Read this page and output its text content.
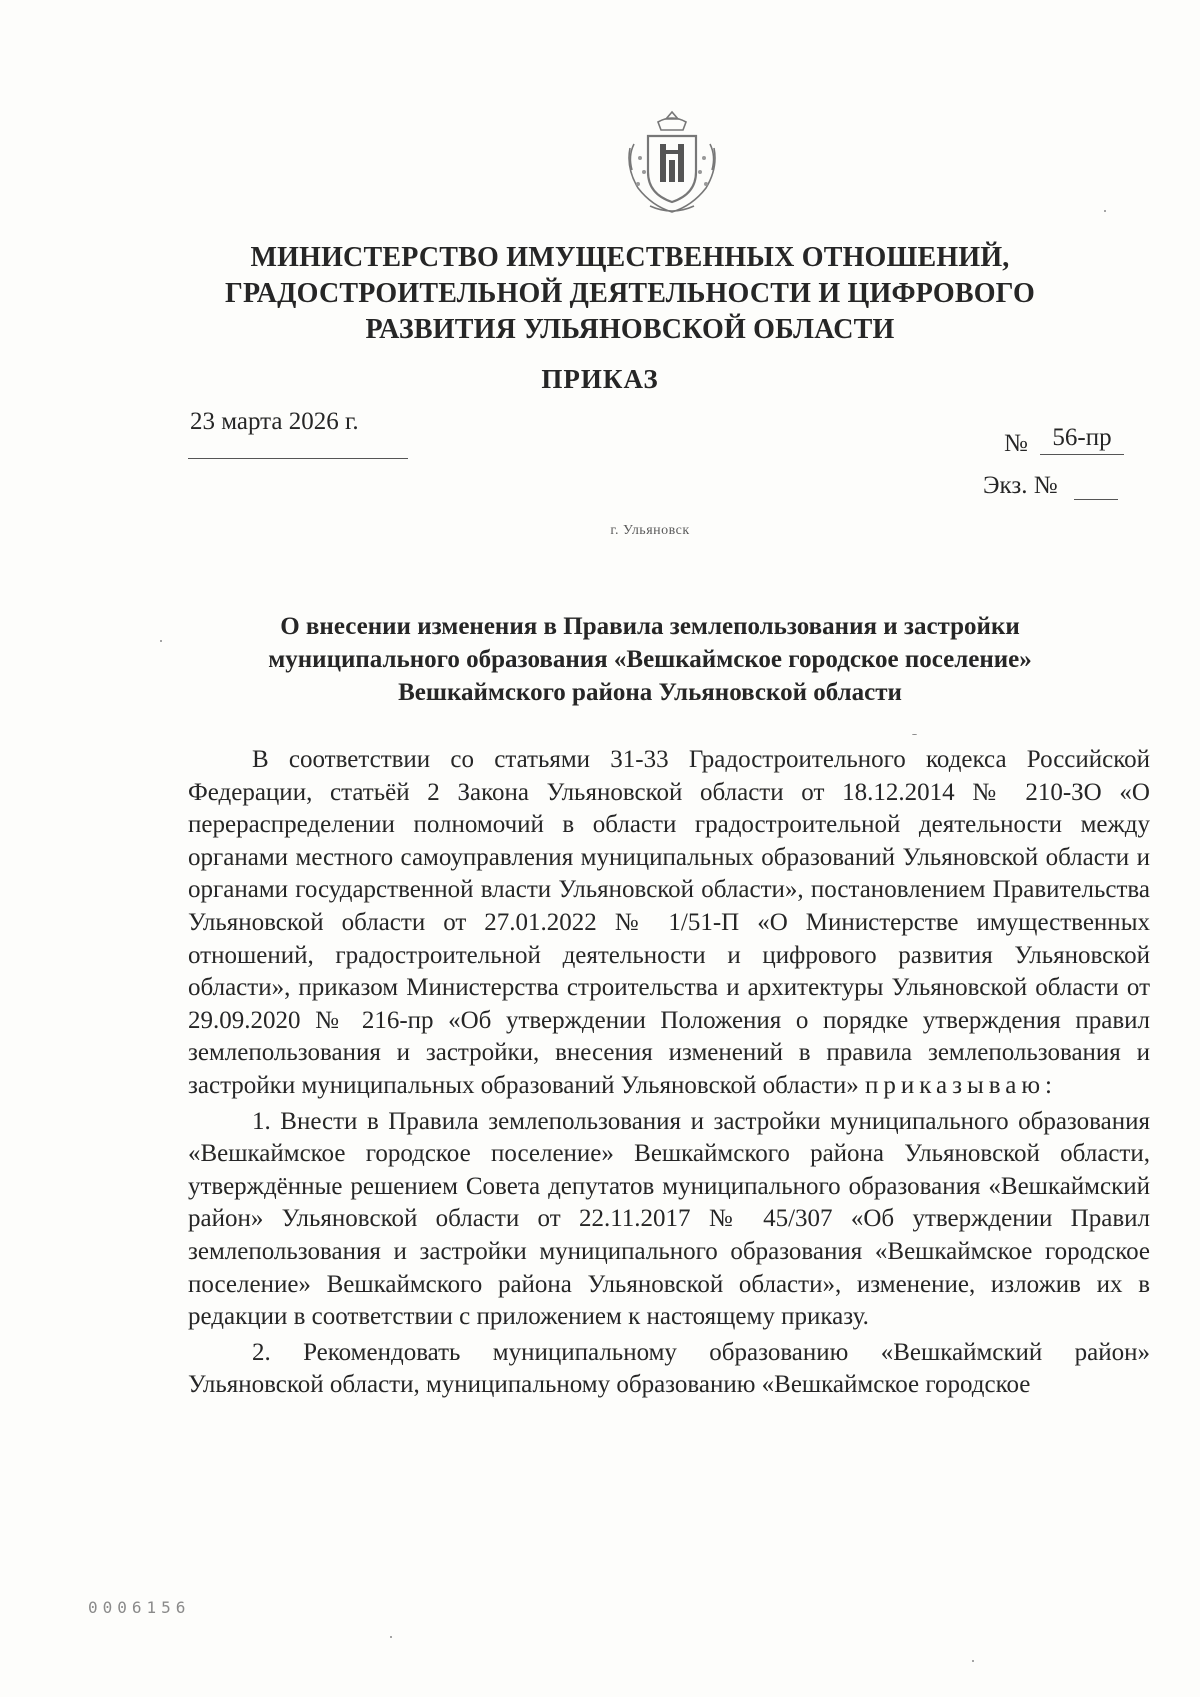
МИНИСТЕРСТВО ИМУЩЕСТВЕННЫХ ОТНОШЕНИЙ,
ГРАДОСТРОИТЕЛЬНОЙ ДЕЯТЕЛЬНОСТИ И ЦИФРОВОГО
РАЗВИТИЯ УЛЬЯНОВСКОЙ ОБЛАСТИ
ПРИКАЗ
23 марта 2026 г.
№ 56-пр
Экз. №
г. Ульяновск
О внесении изменения в Правила землепользования и застройки
муниципального образования «Вешкаймское городское поселение»
Вешкаймского района Ульяновской области

В соответствии со статьями 31-33 Градостроительного кодекса Российской Федерации, статьёй 2 Закона Ульяновской области от 18.12.2014 № 210-ЗО «О перераспределении полномочий в области градостроительной деятельности между органами местного самоуправления муниципальных образований Ульяновской области и органами государственной власти Ульяновской области», постановлением Правительства Ульяновской области от 27.01.2022 № 1/51-П «О Министерстве имущественных отношений, градостроительной деятельности и цифрового развития Ульяновской области», приказом Министерства строительства и архитектуры Ульяновской области от 29.09.2020 № 216-пр «Об утверждении Положения о порядке утверждения правил землепользования и застройки, внесения изменений в правила землепользования и застройки муниципальных образований Ульяновской области» приказываю:

1. Внести в Правила землепользования и застройки муниципального образования «Вешкаймское городское поселение» Вешкаймского района Ульяновской области, утверждённые решением Совета депутатов муниципального образования «Вешкаймский район» Ульяновской области от 22.11.2017 № 45/307 «Об утверждении Правил землепользования и застройки муниципального образования «Вешкаймское городское поселение» Вешкаймского района Ульяновской области», изменение, изложив их в редакции в соответствии с приложением к настоящему приказу.

2. Рекомендовать муниципальному образованию «Вешкаймский район» Ульяновской области, муниципальному образованию «Вешкаймское городское

0006156
